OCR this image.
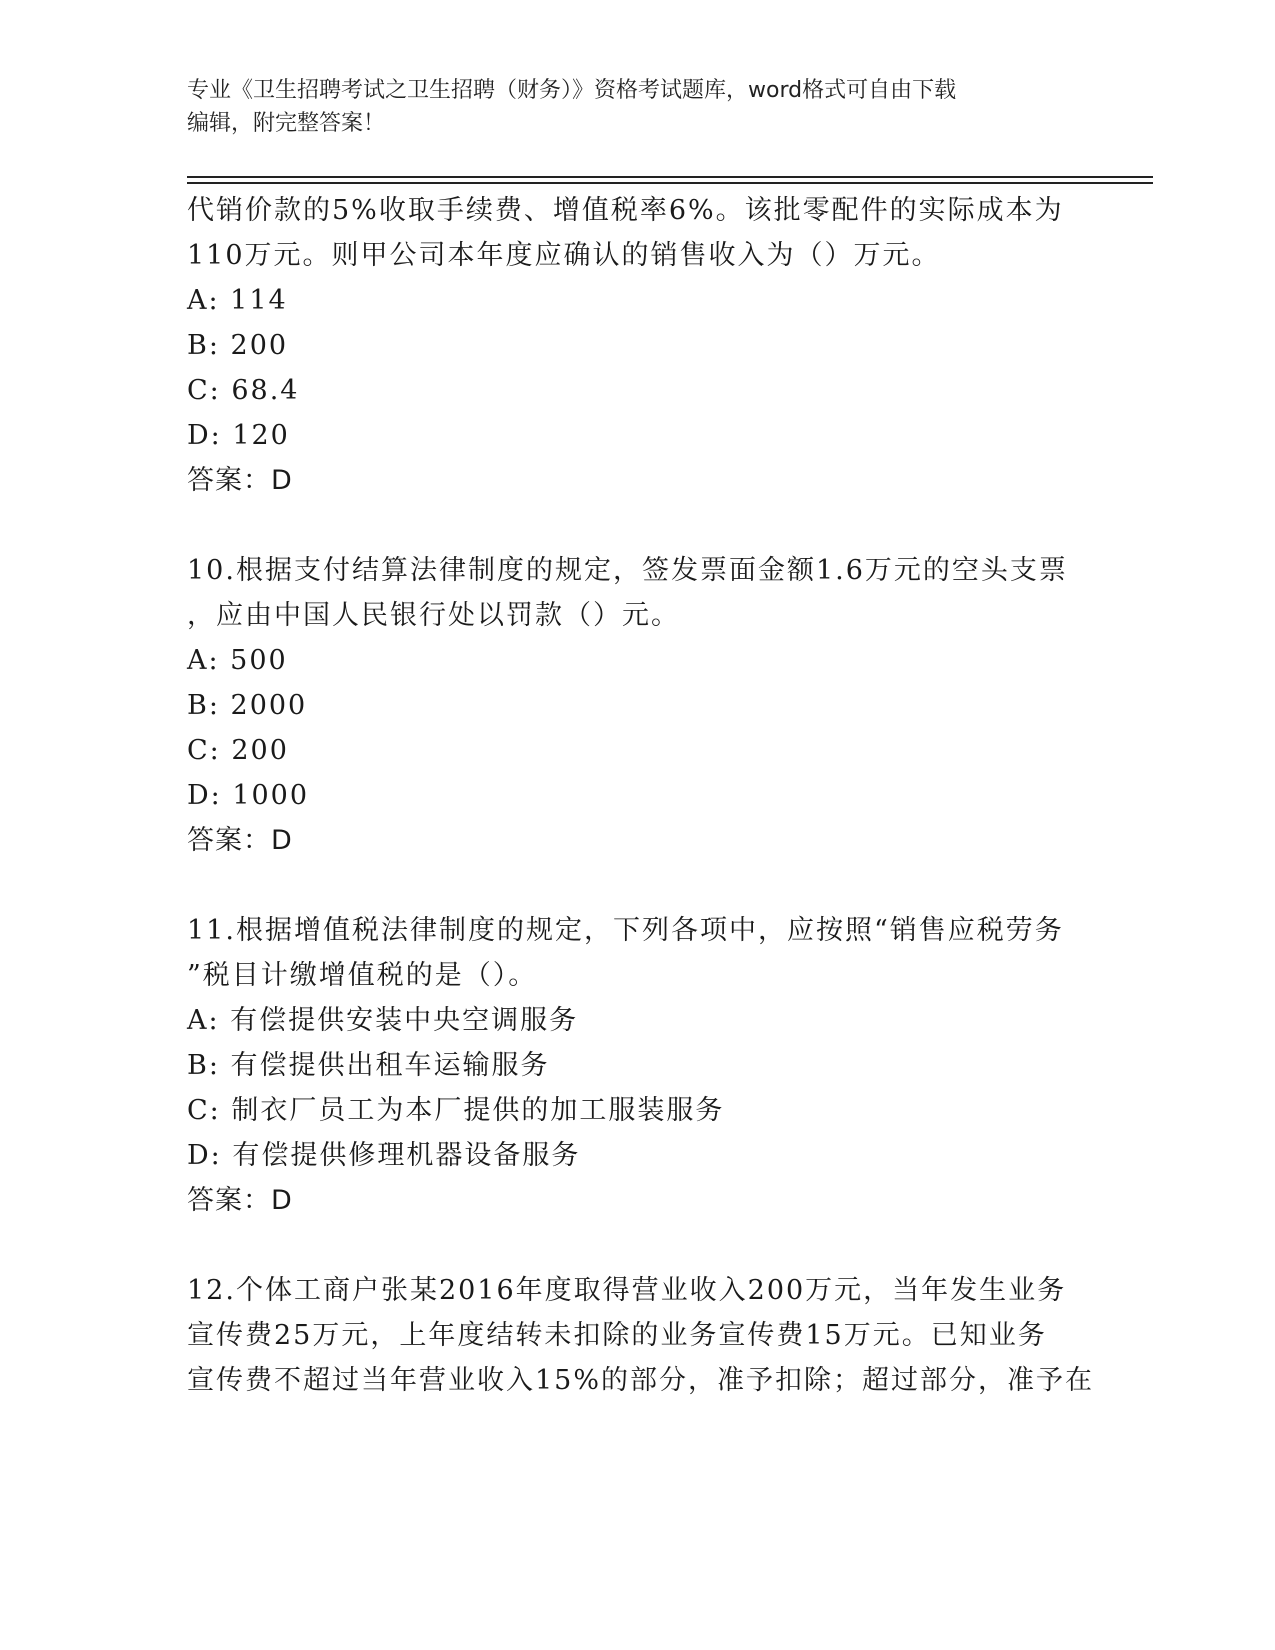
专业《卫生招聘考试之卫生招聘（财务）》资格考试题库，word格式可自由下载
编辑，附完整答案！
代销价款的5%收取手续费、增值税率6%。该批零配件的实际成本为
110万元。则甲公司本年度应确认的销售收入为（）万元。
A: 114
B: 200
C: 68.4
D: 120
答案：D
10.根据支付结算法律制度的规定，签发票面金额1.6万元的空头支票
，应由中国人民银行处以罚款（）元。
A: 500
B: 2000
C: 200
D: 1000
答案：D
11.根据增值税法律制度的规定，下列各项中，应按照“销售应税劳务
”税目计缴增值税的是（）。
A: 有偿提供安装中央空调服务
B: 有偿提供出租车运输服务
C: 制衣厂员工为本厂提供的加工服装服务
D: 有偿提供修理机器设备服务
答案：D
12.个体工商户张某2016年度取得营业收入200万元，当年发生业务
宣传费25万元，上年度结转未扣除的业务宣传费15万元。已知业务
宣传费不超过当年营业收入15%的部分，准予扣除；超过部分，准予在
